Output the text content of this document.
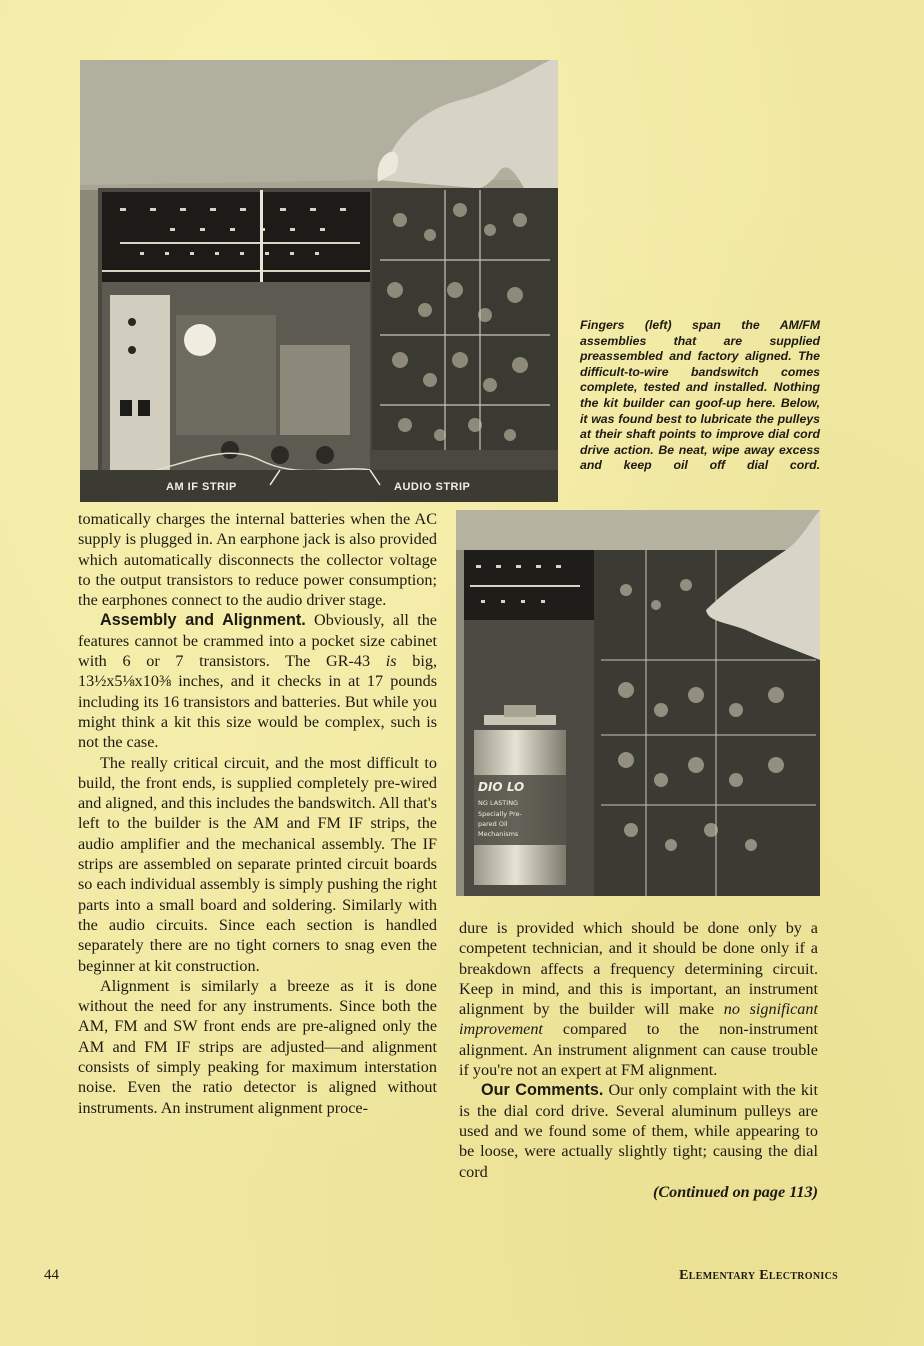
AM IF STRIP	AUDIO STRIP
Fingers (left) span the AM/FM assemblies that are supplied preassembled and factory aligned. The difficult-to-wire bandswitch comes complete, tested and installed. Nothing the kit builder can goof-up here. Below, it was found best to lubricate the pulleys at their shaft points to improve dial cord drive action. Be neat, wipe away excess and keep oil off dial cord.
DIO LO
NG LASTING
Specially Pre-
pared Oil
Mechanisms

tomatically charges the internal batteries when the AC supply is plugged in. An earphone jack is also provided which automatically disconnects the collector voltage to the output transistors to reduce power consumption; the earphones connect to the audio driver stage.

Assembly and Alignment. Obviously, all the features cannot be crammed into a pocket size cabinet with 6 or 7 transistors. The GR-43 is big, 13½x5⅛x10⅜ inches, and it checks in at 17 pounds including its 16 transistors and batteries. But while you might think a kit this size would be complex, such is not the case.

The really critical circuit, and the most difficult to build, the front ends, is supplied completely pre-wired and aligned, and this includes the bandswitch. All that's left to the builder is the AM and FM IF strips, the audio amplifier and the mechanical assembly. The IF strips are assembled on separate printed circuit boards so each individual assembly is simply pushing the right parts into a small board and soldering. Similarly with the audio circuits. Since each section is handled separately there are no tight corners to snag even the beginner at kit construction.

Alignment is similarly a breeze as it is done without the need for any instruments. Since both the AM, FM and SW front ends are pre-aligned only the AM and FM IF strips are adjusted—and alignment consists of simply peaking for maximum interstation noise. Even the ratio detector is aligned without instruments. An instrument alignment proce-

dure is provided which should be done only by a competent technician, and it should be done only if a breakdown affects a frequency determining circuit. Keep in mind, and this is important, an instrument alignment by the builder will make no significant improvement compared to the non-instrument alignment. An instrument alignment can cause trouble if you're not an expert at FM alignment.

Our Comments. Our only complaint with the kit is the dial cord drive. Several aluminum pulleys are used and we found some of them, while appearing to be loose, were actually slightly tight; causing the dial cord

(Continued on page 113)

44	Elementary Electronics
